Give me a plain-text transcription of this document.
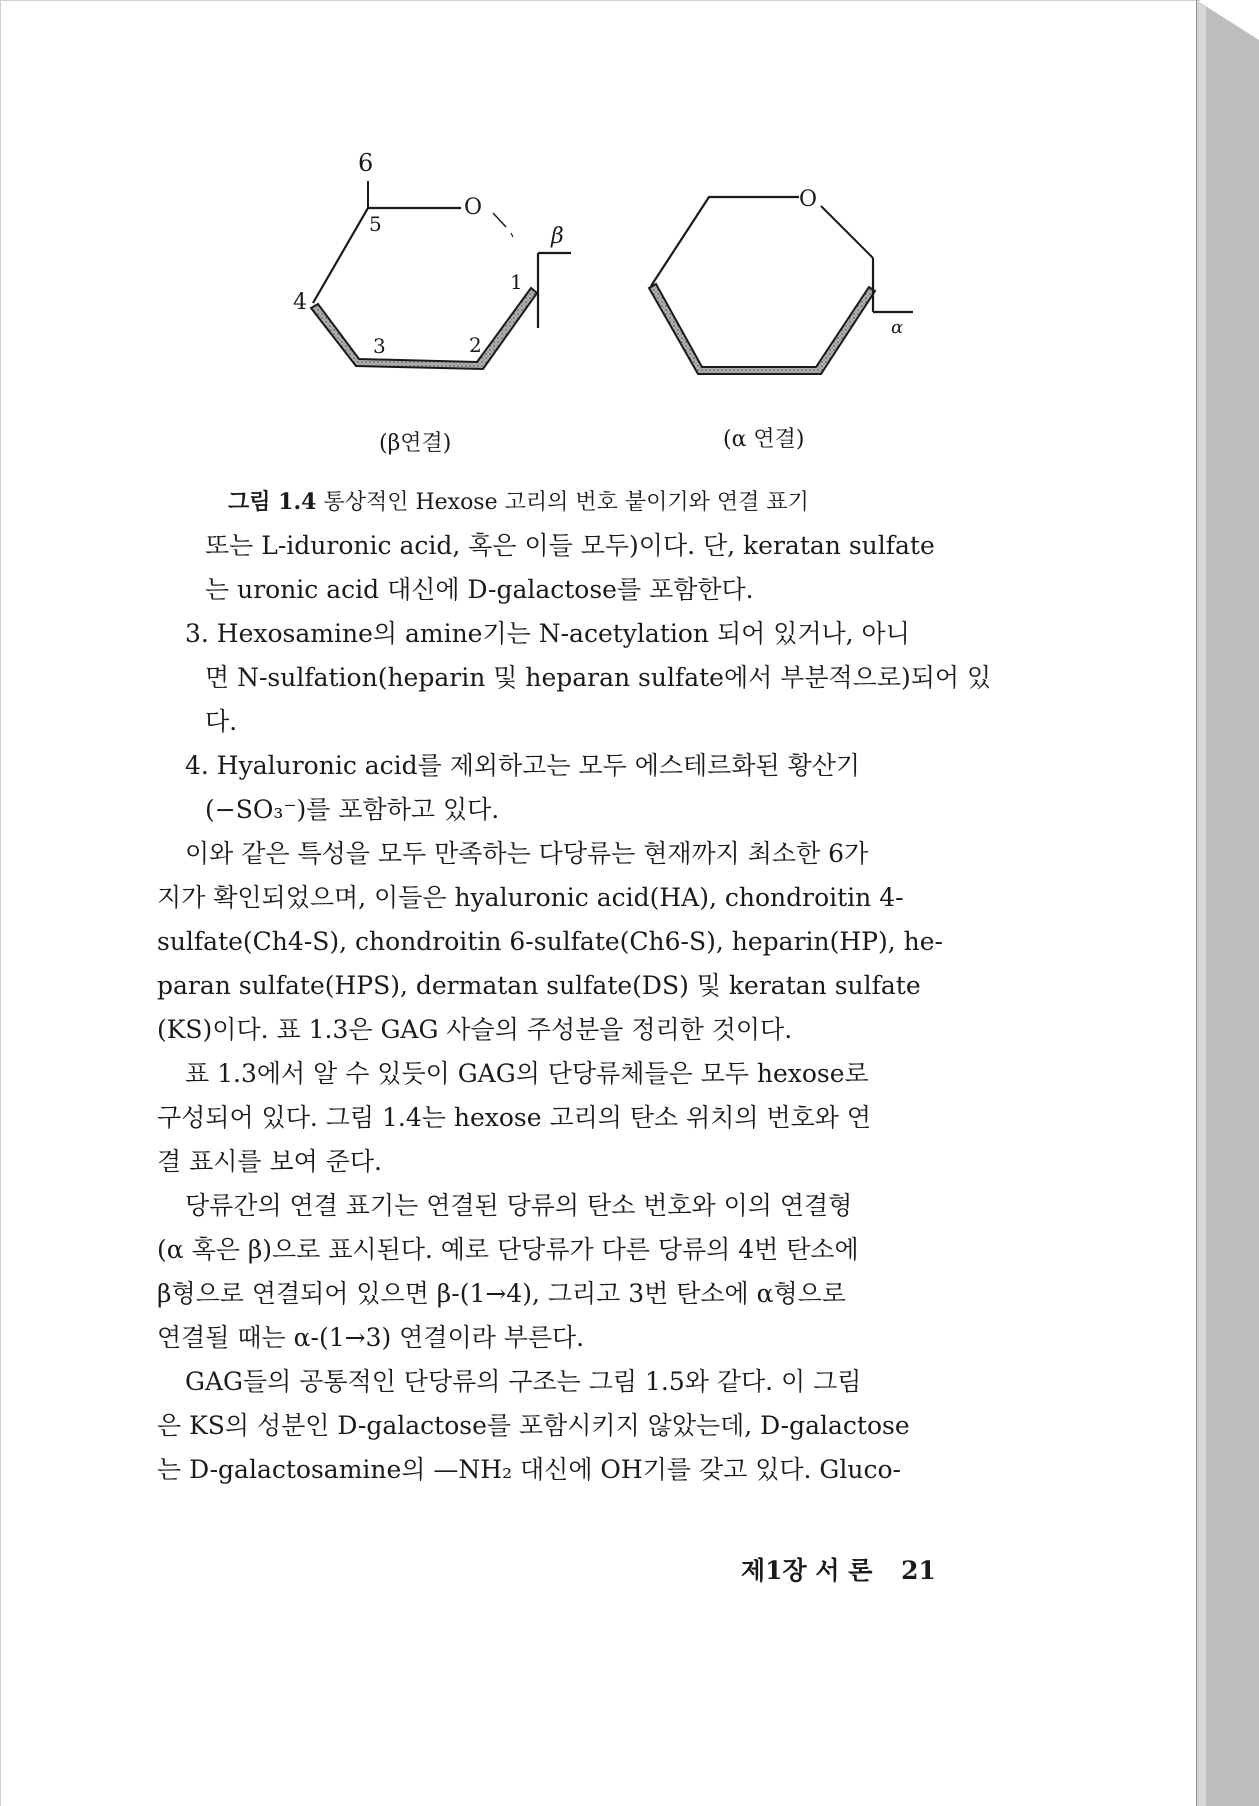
6
5
O
4
1
3	2
β
O
α
(β연결)	(α 연결)
그림 1.4 통상적인 Hexose 고리의 번호 붙이기와 연결 표기
또는 L-iduronic acid, 혹은 이들 모두)이다. 단, keratan sulfate
는 uronic acid 대신에 D-galactose를 포함한다.
3. Hexosamine의 amine기는 N-acetylation 되어 있거나, 아니
면 N-sulfation(heparin 및 heparan sulfate에서 부분적으로)되어 있
다.
4. Hyaluronic acid를 제외하고는 모두 에스테르화된 황산기
(−SO₃⁻)를 포함하고 있다.
이와 같은 특성을 모두 만족하는 다당류는 현재까지 최소한 6가
지가 확인되었으며, 이들은 hyaluronic acid(HA), chondroitin 4-
sulfate(Ch4-S), chondroitin 6-sulfate(Ch6-S), heparin(HP), he-
paran sulfate(HPS), dermatan sulfate(DS) 및 keratan sulfate
(KS)이다. 표 1.3은 GAG 사슬의 주성분을 정리한 것이다.
표 1.3에서 알 수 있듯이 GAG의 단당류체들은 모두 hexose로
구성되어 있다. 그림 1.4는 hexose 고리의 탄소 위치의 번호와 연
결 표시를 보여 준다.
당류간의 연결 표기는 연결된 당류의 탄소 번호와 이의 연결형
(α 혹은 β)으로 표시된다. 예로 단당류가 다른 당류의 4번 탄소에
β형으로 연결되어 있으면 β-(1→4), 그리고 3번 탄소에 α형으로
연결될 때는 α-(1→3) 연결이라 부른다.
GAG들의 공통적인 단당류의 구조는 그림 1.5와 같다. 이 그림
은 KS의 성분인 D-galactose를 포함시키지 않았는데, D-galactose
는 D-galactosamine의 —NH₂ 대신에 OH기를 갖고 있다. Gluco-
제1장 서 론 21
